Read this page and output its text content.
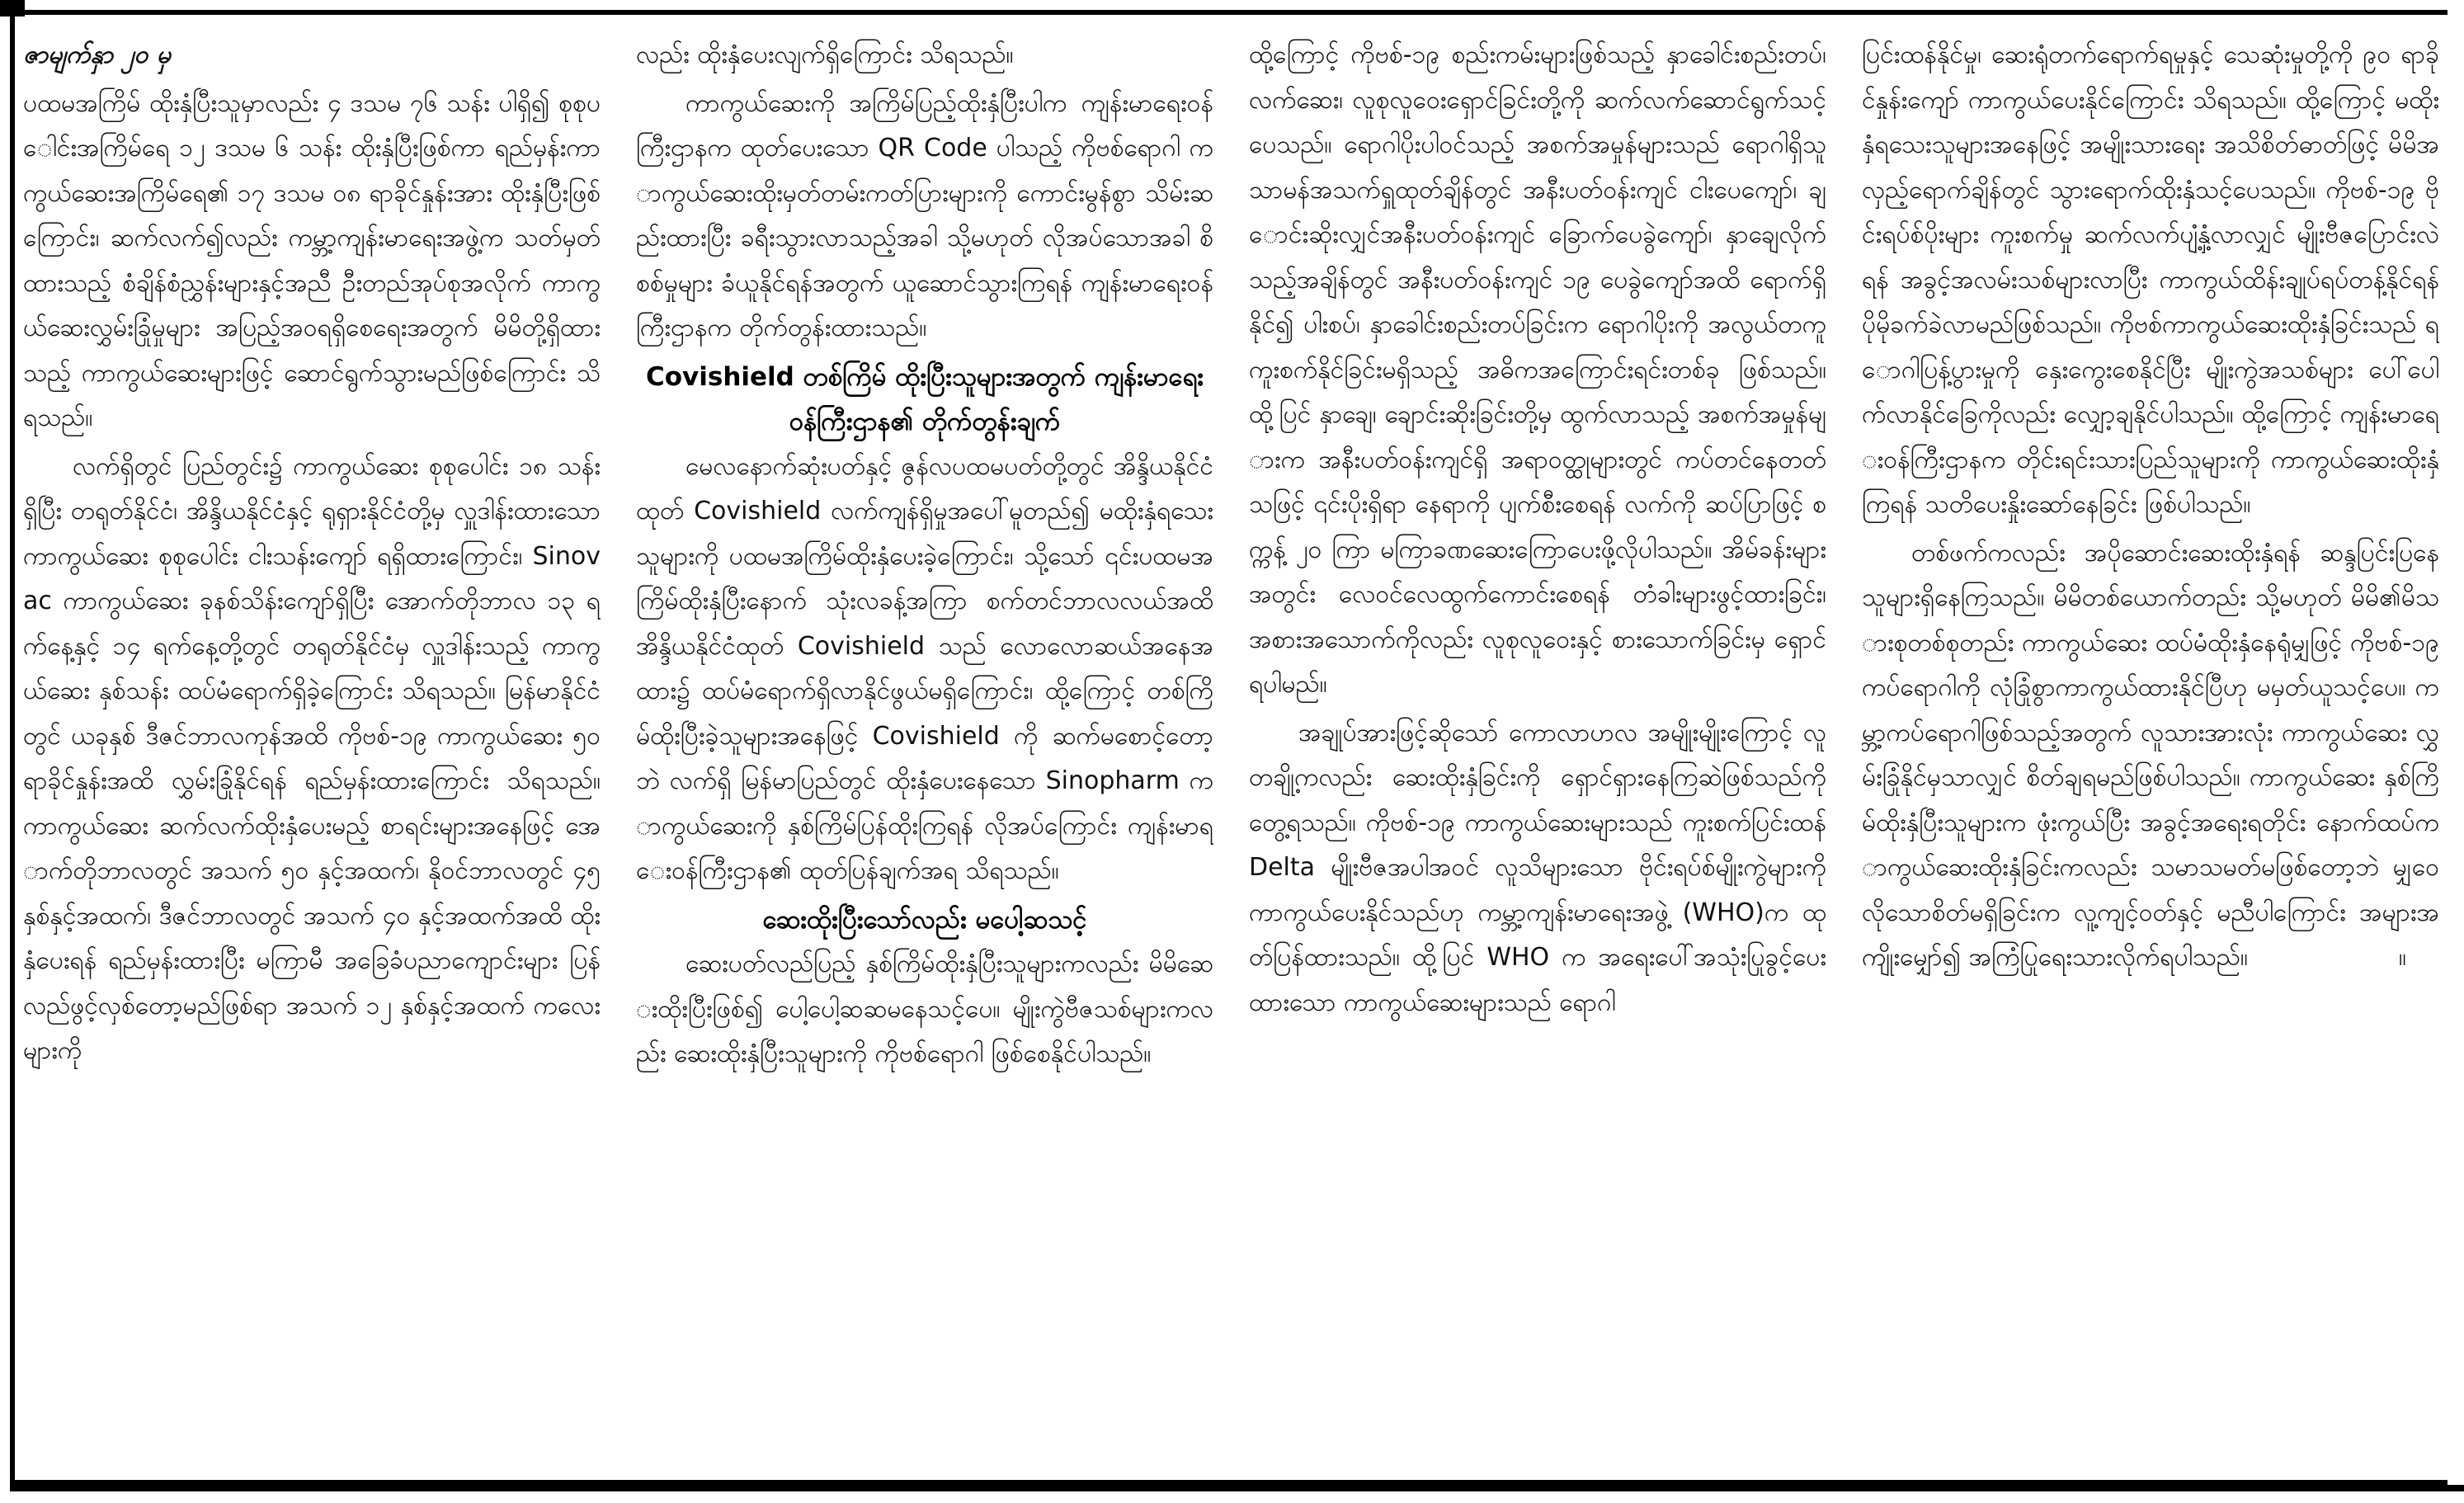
ဇာမျက်နှာ ၂၀ မှ

ပထမအကြိမ် ထိုးနှံပြီးသူမှာလည်း ၄ ဒသမ ၇၆ သန်း ပါရှိ၍ စုစုပေါင်းအကြိမ်ရေ ၁၂ ဒသမ ၆ သန်း ထိုးနှံပြီးဖြစ်ကာ ရည်မှန်းကာကွယ်ဆေးအကြိမ်ရေ၏ ၁၇ ဒသမ ၀၈ ရာခိုင်နှုန်းအား ထိုးနှံပြီးဖြစ်ကြောင်း၊ ဆက်လက်၍လည်း ကမ္ဘာ့ကျန်းမာရေးအဖွဲ့က သတ်မှတ်ထားသည့် စံချိန်စံညွှန်းများနှင့်အညီ ဦးတည်အုပ်စုအလိုက် ကာကွယ်ဆေးလွှမ်းခြုံမှုများ အပြည့်အဝရရှိစေရေးအတွက် မိမိတို့ရှိထားသည့် ကာကွယ်ဆေးများဖြင့် ဆောင်ရွက်သွားမည်ဖြစ်ကြောင်း သိရသည်။

လက်ရှိတွင် ပြည်တွင်း၌ ကာကွယ်ဆေး စုစုပေါင်း ၁၈ သန်းရှိပြီး တရုတ်နိုင်ငံ၊ အိန္ဒိယနိုင်ငံနှင့် ရုရှားနိုင်ငံတို့မှ လှူဒါန်းထားသော ကာကွယ်ဆေး စုစုပေါင်း ငါးသန်းကျော် ရရှိထားကြောင်း၊ Sinovac ကာကွယ်ဆေး ခုနစ်သိန်းကျော်ရှိပြီး အောက်တိုဘာလ ၁၃ ရက်နေ့နှင့် ၁၄ ရက်နေ့တို့တွင် တရုတ်နိုင်ငံမှ လှူဒါန်းသည့် ကာကွယ်ဆေး နှစ်သန်း ထပ်မံရောက်ရှိခဲ့ကြောင်း သိရသည်။ မြန်မာနိုင်ငံတွင် ယခုနှစ် ဒီဇင်ဘာလကုန်အထိ ကိုဗစ်-၁၉ ကာကွယ်ဆေး ၅၀ ရာခိုင်နှုန်းအထိ လွှမ်းခြုံနိုင်ရန် ရည်မှန်းထားကြောင်း သိရသည်။ ကာကွယ်ဆေး ဆက်လက်ထိုးနှံပေးမည့် စာရင်းများအနေဖြင့် အောက်တိုဘာလတွင် အသက် ၅၀ နှင့်အထက်၊ နိုဝင်ဘာလတွင် ၄၅ နှစ်နှင့်အထက်၊ ဒီဇင်ဘာလတွင် အသက် ၄၀ နှင့်အထက်အထိ ထိုးနှံပေးရန် ရည်မှန်းထားပြီး မကြာမီ အခြေခံပညာကျောင်းများ ပြန်လည်ဖွင့်လှစ်တော့မည်ဖြစ်ရာ အသက် ၁၂ နှစ်နှင့်အထက် ကလေးများကို

လည်း ထိုးနှံပေးလျက်ရှိကြောင်း သိရသည်။

ကာကွယ်ဆေးကို အကြိမ်ပြည့်ထိုးနှံပြီးပါက ကျန်းမာရေးဝန်ကြီးဌာနက ထုတ်ပေးသော QR Code ပါသည့် ကိုဗစ်ရောဂါ ကာကွယ်ဆေးထိုးမှတ်တမ်းကတ်ပြားများကို ကောင်းမွန်စွာ သိမ်းဆည်းထားပြီး ခရီးသွားလာသည့်အခါ သို့မဟုတ် လိုအပ်သောအခါ စိစစ်မှုများ ခံယူနိုင်ရန်အတွက် ယူဆောင်သွားကြရန် ကျန်းမာရေးဝန်ကြီးဌာနက တိုက်တွန်းထားသည်။

Covishield တစ်ကြိမ် ထိုးပြီးသူများအတွက် ကျန်းမာရေးဝန်ကြီးဌာန၏ တိုက်တွန်းချက်

မေလနောက်ဆုံးပတ်နှင့် ဇွန်လပထမပတ်တို့တွင် အိန္ဒိယနိုင်ငံထုတ် Covishield လက်ကျန်ရှိမှုအပေါ်မူတည်၍ မထိုးနှံရသေးသူများကို ပထမအကြိမ်ထိုးနှံပေးခဲ့ကြောင်း၊ သို့သော် ၎င်းပထမအကြိမ်ထိုးနှံပြီးနောက် သုံးလခန့်အကြာ စက်တင်ဘာလလယ်အထိ အိန္ဒိယနိုင်ငံထုတ် Covishield သည် လောလောဆယ်အနေအထား၌ ထပ်မံရောက်ရှိလာနိုင်ဖွယ်မရှိကြောင်း၊ ထို့ကြောင့် တစ်ကြိမ်ထိုးပြီးခဲ့သူများအနေဖြင့် Covishield ကို ဆက်မစောင့်တော့ဘဲ လက်ရှိ မြန်မာပြည်တွင် ထိုးနှံပေးနေသော Sinopharm ကာကွယ်ဆေးကို နှစ်ကြိမ်ပြန်ထိုးကြရန် လိုအပ်ကြောင်း ကျန်းမာရေးဝန်ကြီးဌာန၏ ထုတ်ပြန်ချက်အရ သိရသည်။

ဆေးထိုးပြီးသော်လည်း မပေါ့ဆသင့်

ဆေးပတ်လည်ပြည့် နှစ်ကြိမ်ထိုးနှံပြီးသူများကလည်း မိမိဆေးထိုးပြီးဖြစ်၍ ပေါ့ပေါ့ဆဆမနေသင့်ပေ။ မျိုးကွဲဗီဇသစ်များကလည်း ဆေးထိုးနှံပြီးသူများကို ကိုဗစ်ရောဂါ ဖြစ်စေနိုင်ပါသည်။

ထို့ကြောင့် ကိုဗစ်-၁၉ စည်းကမ်းများဖြစ်သည့် နှာခေါင်းစည်းတပ်၊ လက်ဆေး၊ လူစုလူဝေးရှောင်ခြင်းတို့ကို ဆက်လက်ဆောင်ရွက်သင့်ပေသည်။ ရောဂါပိုးပါဝင်သည့် အစက်အမှုန်များသည် ရောဂါရှိသူ သာမန်အသက်ရှူထုတ်ချိန်တွင် အနီးပတ်ဝန်းကျင် ငါးပေကျော်၊ ချောင်းဆိုးလျှင်အနီးပတ်ဝန်းကျင် ခြောက်ပေခွဲကျော်၊ နှာချေလိုက်သည့်အချိန်တွင် အနီးပတ်ဝန်းကျင် ၁၉ ပေခွဲကျော်အထိ ရောက်ရှိနိုင်၍ ပါးစပ်၊ နှာခေါင်းစည်းတပ်ခြင်းက ရောဂါပိုးကို အလွယ်တကူ ကူးစက်နိုင်ခြင်းမရှိသည့် အဓိကအကြောင်းရင်းတစ်ခု ဖြစ်သည်။ ထို့ပြင် နှာချေ၊ ချောင်းဆိုးခြင်းတို့မှ ထွက်လာသည့် အစက်အမှုန်များက အနီးပတ်ဝန်းကျင်ရှိ အရာဝတ္ထုများတွင် ကပ်တင်နေတတ်သဖြင့် ၎င်းပိုးရှိရာ နေရာကို ပျက်စီးစေရန် လက်ကို ဆပ်ပြာဖြင့် စက္ကန့် ၂၀ ကြာ မကြာခဏဆေးကြောပေးဖို့လိုပါသည်။ အိမ်ခန်းများအတွင်း လေဝင်လေထွက်ကောင်းစေရန် တံခါးများဖွင့်ထားခြင်း၊ အစားအသောက်ကိုလည်း လူစုလူဝေးနှင့် စားသောက်ခြင်းမှ ရှောင်ရပါမည်။

အချုပ်အားဖြင့်ဆိုသော် ကောလာဟလ အမျိုးမျိုးကြောင့် လူတချို့ကလည်း ဆေးထိုးနှံခြင်းကို ရှောင်ရှားနေကြဆဲဖြစ်သည်ကို တွေ့ရသည်။ ကိုဗစ်-၁၉ ကာကွယ်ဆေးများသည် ကူးစက်ပြင်းထန် Delta မျိုးဗီဇအပါအဝင် လူသိများသော ဗိုင်းရပ်စ်မျိုးကွဲများကို ကာကွယ်ပေးနိုင်သည်ဟု ကမ္ဘာ့ကျန်းမာရေးအဖွဲ့ (WHO)က ထုတ်ပြန်ထားသည်။ ထို့ပြင် WHO က အရေးပေါ်အသုံးပြုခွင့်ပေးထားသော ကာကွယ်ဆေးများသည် ရောဂါ

ပြင်းထန်နိုင်မှု၊ ဆေးရုံတက်ရောက်ရမှုနှင့် သေဆုံးမှုတို့ကို ၉၀ ရာခိုင်နှုန်းကျော် ကာကွယ်ပေးနိုင်ကြောင်း သိရသည်။ ထို့ကြောင့် မထိုးနှံရသေးသူများအနေဖြင့် အမျိုးသားရေး အသိစိတ်ဓာတ်ဖြင့် မိမိအလှည့်ရောက်ချိန်တွင် သွားရောက်ထိုးနှံသင့်ပေသည်။ ကိုဗစ်-၁၉ ဗိုင်းရပ်စ်ပိုးများ ကူးစက်မှု ဆက်လက်ပျံ့နှံ့လာလျှင် မျိုးဗီဇပြောင်းလဲရန် အခွင့်အလမ်းသစ်များလာပြီး ကာကွယ်ထိန်းချုပ်ရပ်တန့်နိုင်ရန် ပိုမိုခက်ခဲလာမည်ဖြစ်သည်။ ကိုဗစ်ကာကွယ်ဆေးထိုးနှံခြင်းသည် ရောဂါပြန့်ပွားမှုကို နှေးကွေးစေနိုင်ပြီး မျိုးကွဲအသစ်များ ပေါ်ပေါက်လာနိုင်ခြေကိုလည်း လျှော့ချနိုင်ပါသည်။ ထို့ကြောင့် ကျန်းမာရေးဝန်ကြီးဌာနက တိုင်းရင်းသားပြည်သူများကို ကာကွယ်ဆေးထိုးနှံကြရန် သတိပေးနှိုးဆော်နေခြင်း ဖြစ်ပါသည်။

တစ်ဖက်ကလည်း အပိုဆောင်းဆေးထိုးနှံရန် ဆန္ဒပြင်းပြနေသူများရှိနေကြသည်။ မိမိတစ်ယောက်တည်း သို့မဟုတ် မိမိ၏မိသားစုတစ်စုတည်း ကာကွယ်ဆေး ထပ်မံထိုးနှံနေရုံမျှဖြင့် ကိုဗစ်-၁၉ ကပ်ရောဂါကို လုံခြုံစွာကာကွယ်ထားနိုင်ပြီဟု မမှတ်ယူသင့်ပေ။ ကမ္ဘာ့ကပ်ရောဂါဖြစ်သည့်အတွက် လူသားအားလုံး ကာကွယ်ဆေး လွှမ်းခြုံနိုင်မှသာလျှင် စိတ်ချရမည်ဖြစ်ပါသည်။ ကာကွယ်ဆေး နှစ်ကြိမ်ထိုးနှံပြီးသူများက ဖုံးကွယ်ပြီး အခွင့်အရေးရတိုင်း နောက်ထပ်ကာကွယ်ဆေးထိုးနှံခြင်းကလည်း သမာသမတ်မဖြစ်တော့ဘဲ မျှဝေလိုသောစိတ်မရှိခြင်းက လူ့ကျင့်ဝတ်နှင့် မညီပါကြောင်း အများအကျိုးမျှော်၍ အကြံပြုရေးသားလိုက်ရပါသည်။	။
